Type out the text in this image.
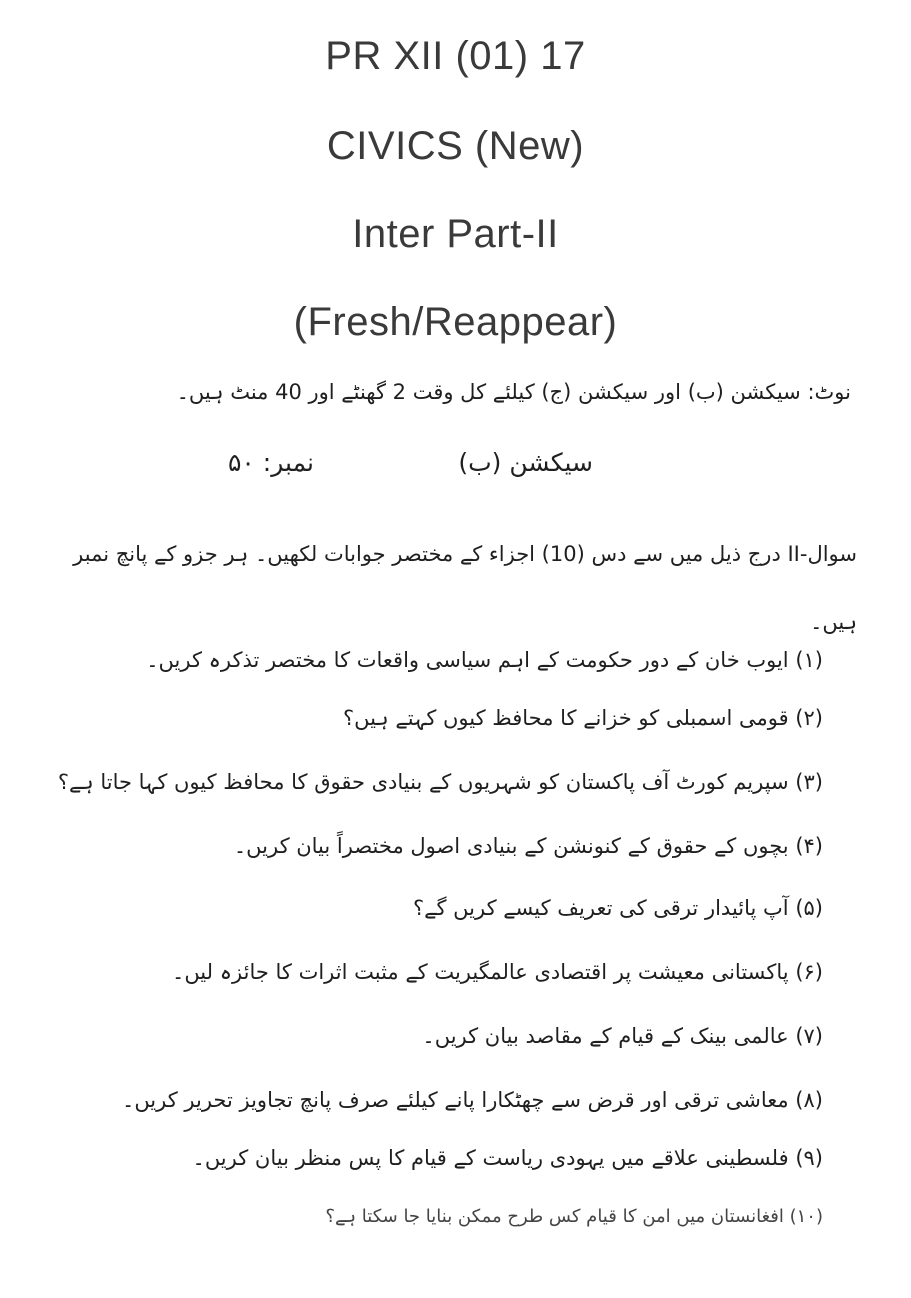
PR XII (01) 17
CIVICS (New)
Inter Part-II
(Fresh/Reappear)
نوٹ: سیکشن (ب) اور سیکشن (ج) کیلئے کل وقت 2 گھنٹے اور 40 منٹ ہیں۔
سیکشن (ب)
نمبر: ۵۰
سوال-II درج ذیل میں سے دس (10) اجزاء کے مختصر جوابات لکھیں۔ ہر جزو کے پانچ نمبر ہیں۔
(۱) ایوب خان کے دور حکومت کے اہم سیاسی واقعات کا مختصر تذکرہ کریں۔
(۲) قومی اسمبلی کو خزانے کا محافظ کیوں کہتے ہیں؟
(۳) سپریم کورٹ آف پاکستان کو شہریوں کے بنیادی حقوق کا محافظ کیوں کہا جاتا ہے؟
(۴) بچوں کے حقوق کے کنونشن کے بنیادی اصول مختصراً بیان کریں۔
(۵) آپ پائیدار ترقی کی تعریف کیسے کریں گے؟
(۶) پاکستانی معیشت پر اقتصادی عالمگیریت کے مثبت اثرات کا جائزہ لیں۔
(۷) عالمی بینک کے قیام کے مقاصد بیان کریں۔
(۸) معاشی ترقی اور قرض سے چھٹکارا پانے کیلئے صرف پانچ تجاویز تحریر کریں۔
(۹) فلسطینی علاقے میں یہودی ریاست کے قیام کا پس منظر بیان کریں۔
(۱۰) افغانستان میں امن کا قیام کس طرح ممکن بنایا جا سکتا ہے؟
